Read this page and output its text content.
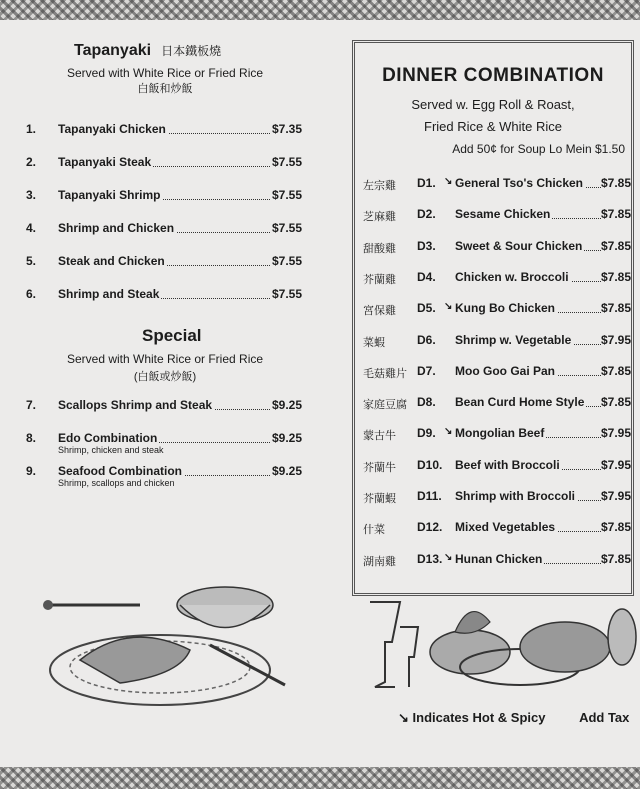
Tapanyaki 日本鐵板燒
Served with White Rice or Fried Rice
白飯和炒飯
1.	Tapanyaki Chicken	$7.35
2.	Tapanyaki Steak	$7.55
3.	Tapanyaki Shrimp	$7.55
4.	Shrimp and Chicken	$7.55
5.	Steak and Chicken	$7.55
6.	Shrimp and Steak	$7.55
Special
Served with White Rice or Fried Rice
(白飯或炒飯)
7.	Scallops Shrimp and Steak	$9.25
8.	Edo Combination	$9.25
Shrimp, chicken and steak
9.	Seafood Combination	$9.25
Shrimp, scallops and chicken
DINNER COMBINATION
Served w. Egg Roll & Roast,
Fried Rice & White Rice
Add 50¢ for Soup Lo Mein $1.50
左宗雞 D1. General Tso's Chicken $7.85
↘
芝麻雞 D2. Sesame Chicken	$7.85
甜酸雞 D3. Sweet & Sour Chicken $7.85
芥蘭雞 D4. Chicken w. Broccoli	$7.85
宮保雞 D5. Kung Bo Chicken	$7.85
↘
菜蝦	D6. Shrimp w. Vegetable $7.95
毛菇雞片 D7. Moo Goo Gai Pan	$7.85
家庭豆腐 D8. Bean Curd Home Style $7.85
蒙古牛 D9. Mongolian Beef	$7.95
↘
芥蘭牛 D10. Beef with Broccoli	$7.95
芥蘭蝦 D11. Shrimp with Broccoli $7.95
什菜	D12. Mixed Vegetables	$7.85
湖南雞 D13. Hunan Chicken	$7.85
↘
↘ Indicates Hot & Spicy	Add Tax
